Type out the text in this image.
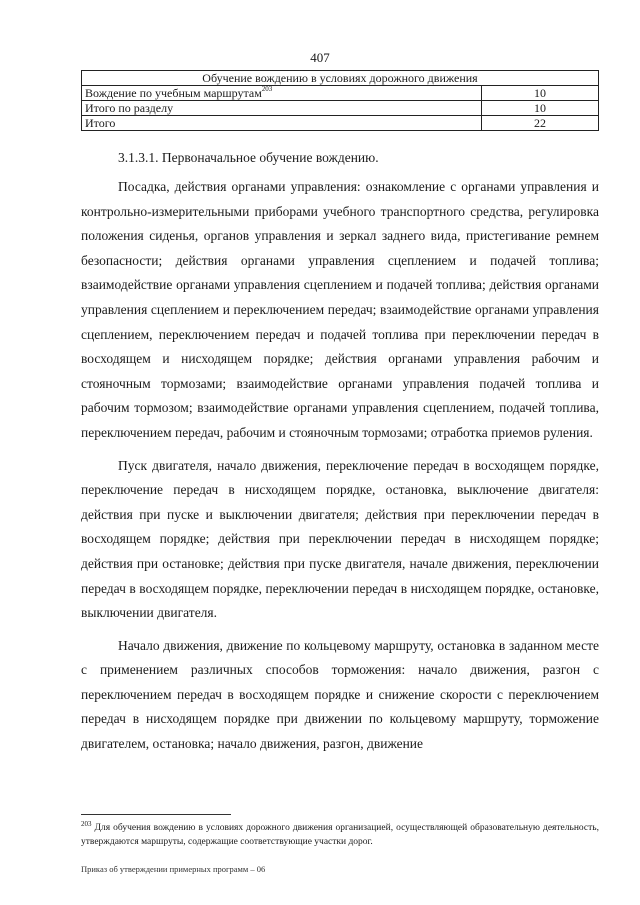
407
Обучение вождению в условиях дорожного движения	
Вождение по учебным маршрутам$^{203}$	10
Итого по разделу	10
Итого	22
3.1.3.1. Первоначальное обучение вождению.

Посадка, действия органами управления: ознакомление с органами управления и контрольно-измерительными приборами учебного транспортного средства, регулировка положения сиденья, органов управления и зеркал заднего вида, пристегивание ремнем безопасности; действия органами управления сцеплением и подачей топлива; взаимодействие органами управления сцеплением и подачей топлива; действия органами управления сцеплением и переключением передач; взаимодействие органами управления сцеплением, переключением передач и подачей топлива при переключении передач в восходящем и нисходящем порядке; действия органами управления рабочим и стояночным тормозами; взаимодействие органами управления подачей топлива и рабочим тормозом; взаимодействие органами управления сцеплением, подачей топлива, переключением передач, рабочим и стояночным тормозами; отработка приемов руления.

Пуск двигателя, начало движения, переключение передач в восходящем порядке, переключение передач в нисходящем порядке, остановка, выключение двигателя: действия при пуске и выключении двигателя; действия при переключении передач в восходящем порядке; действия при переключении передач в нисходящем порядке; действия при остановке; действия при пуске двигателя, начале движения, переключении передач в восходящем порядке, переключении передач в нисходящем порядке, остановке, выключении двигателя.

Начало движения, движение по кольцевому маршруту, остановка в заданном месте с применением различных способов торможения: начало движения, разгон с переключением передач в восходящем порядке и снижение скорости с переключением передач в нисходящем порядке при движении по кольцевому маршруту, торможение двигателем, остановка; начало движения, разгон, движение

$^{203}$ Для обучения вождению в условиях дорожного движения организацией, осуществляющей образовательную деятельность, утверждаются маршруты, содержащие соответствующие участки дорог.
Приказ об утверждении примерных программ – 06
